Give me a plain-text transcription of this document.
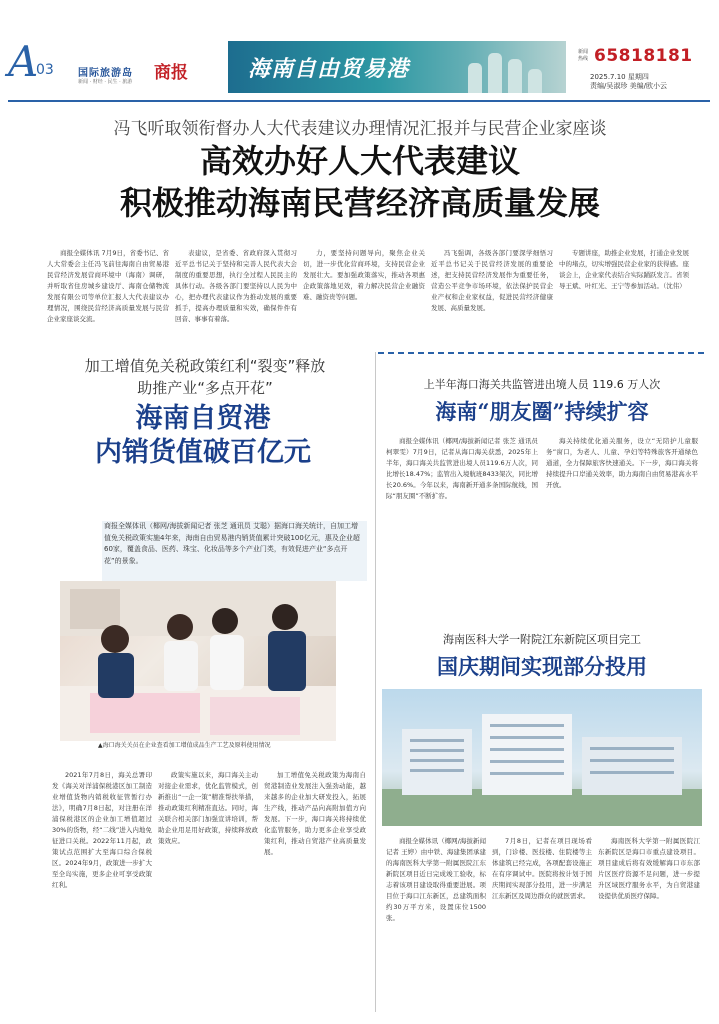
A
03 国际旅游岛 商报
新闻 · 财经 · 民生 · 旅游	海南自由贸易港
新闻热线 65818181
2025.7.10 星期四
责编/吴淑珍 美编/欧小云
冯飞听取领衔督办人大代表建议办理情况汇报并与民营企业家座谈
高效办好人大代表建议
积极推动海南民营经济高质量发展
商报全媒体讯 7月9日，省委书记、省人大常委会主任冯飞前往海南自由贸易港民营经济发展营商环境中（海南）调研，并听取省住房城乡建设厅、海南仓储物流发展有限公司等单位汇报人大代表建议办理情况，围绕民营经济高质量发展与民营企业家座谈交流。
表建议，是省委、省政府深入贯彻习近平总书记关于坚持和完善人民代表大会制度的重要思想，执行全过程人民民主的具体行动。各级各部门要坚持以人民为中心，把办理代表建议作为推动发展的重要抓手，提高办理质量和实效，确保件件有回音、事事有着落。
力，要坚持问题导向，聚焦企业关切，进一步优化营商环境，支持民营企业发展壮大。要加强政策落实，推动各项惠企政策落地见效，着力解决民营企业融资难、融资贵等问题。
冯飞强调，各级各部门要深学细悟习近平总书记关于民营经济发展的重要论述，把支持民营经济发展作为重要任务，营造公平竞争市场环境，依法保护民营企业产权和企业家权益，促进民营经济健康发展、高质量发展。
专题讲座，助推企业发展，打通企业发展中的堵点，切实增强民营企业家的获得感。座谈会上，企业家代表结合实际踊跃发言。省领导王斌、叶红光、王宁等参加活动。（沈伟）
加工增值免关税政策红利“裂变”释放
助推产业“多点开花”
海南自贸港
内销货值破百亿元
商报全媒体讯（椰网/海拔新闻记者 张芝 通讯员 艾聪）据海口海关统计，自加工增值免关税政策实施4年来，海南自由贸易港内销货值累计突破100亿元，惠及企业超60家，覆盖食品、医药、珠宝、化妆品等多个产业门类，有效促进产业“多点开花”的景象。
▲海口海关关员在企业查看加工增值成品生产工艺及原料使用情况
2021年7月8日，海关总署印发《海关对洋浦保税港区加工制造业增值货物内销税收征管暂行办法》，明确7月8日起，对注册在洋浦保税港区的企业加工增值超过30%的货物，经“二线”进入内地免征进口关税。2022年11月起，政策试点范围扩大至海口综合保税区。2024年9月，政策进一步扩大至全岛实施，更多企业可享受政策红利。
政策实施以来，海口海关主动对接企业需求，优化监管模式，创新推出“一企一策”精准帮扶举措，推动政策红利精准直达。同时，海关联合相关部门加强宣讲培训，帮助企业用足用好政策，持续释放政策效应。
加工增值免关税政策为海南自贸港制造业发展注入强劲动能，越来越多的企业加大研发投入，拓展生产线，推动产品向高附加值方向发展。下一步，海口海关将持续优化监管服务，助力更多企业享受政策红利，推动自贸港产业高质量发展。
上半年海口海关共监管进出境人员 119.6 万人次
海南“朋友圈”持续扩容
商报全媒体讯（椰网/海拔新闻记者 张芝 通讯员 柯翠雯）7月9日，记者从海口海关获悉，2025年上半年，海口海关共监管进出境人员119.6万人次，同比增长18.47%；监管出入境航班8433架次，同比增长20.6%。今年以来，海南新开通多条国际航线，国际“朋友圈”不断扩容。
海关持续优化通关服务，设立“无陪护儿童服务”窗口，为老人、儿童、孕妇等特殊旅客开通绿色通道，全力保障旅客快速通关。下一步，海口海关将持续提升口岸通关效率，助力海南自由贸易港高水平开放。
海南医科大学一附院江东新院区项目完工
国庆期间实现部分投用
商报全媒体讯（椰网/海拔新闻记者 王婷）由中铁、海建集团承建的海南医科大学第一附属医院江东新院区项目近日完成竣工验收，标志着该项目建设取得重要进展。项目位于海口江东新区，总建筑面积约30万平方米，设置床位1500张。
7月8日，记者在项目现场看到，门诊楼、医技楼、住院楼等主体建筑已经完成，各项配套设施正在有序调试中。医院将按计划于国庆期间实现部分投用，进一步满足江东新区及周边群众的就医需求。
海南医科大学第一附属医院江东新院区是海口市重点建设项目。项目建成后将有效缓解海口市东部片区医疗资源不足问题，进一步提升区域医疗服务水平，为自贸港建设提供优质医疗保障。
